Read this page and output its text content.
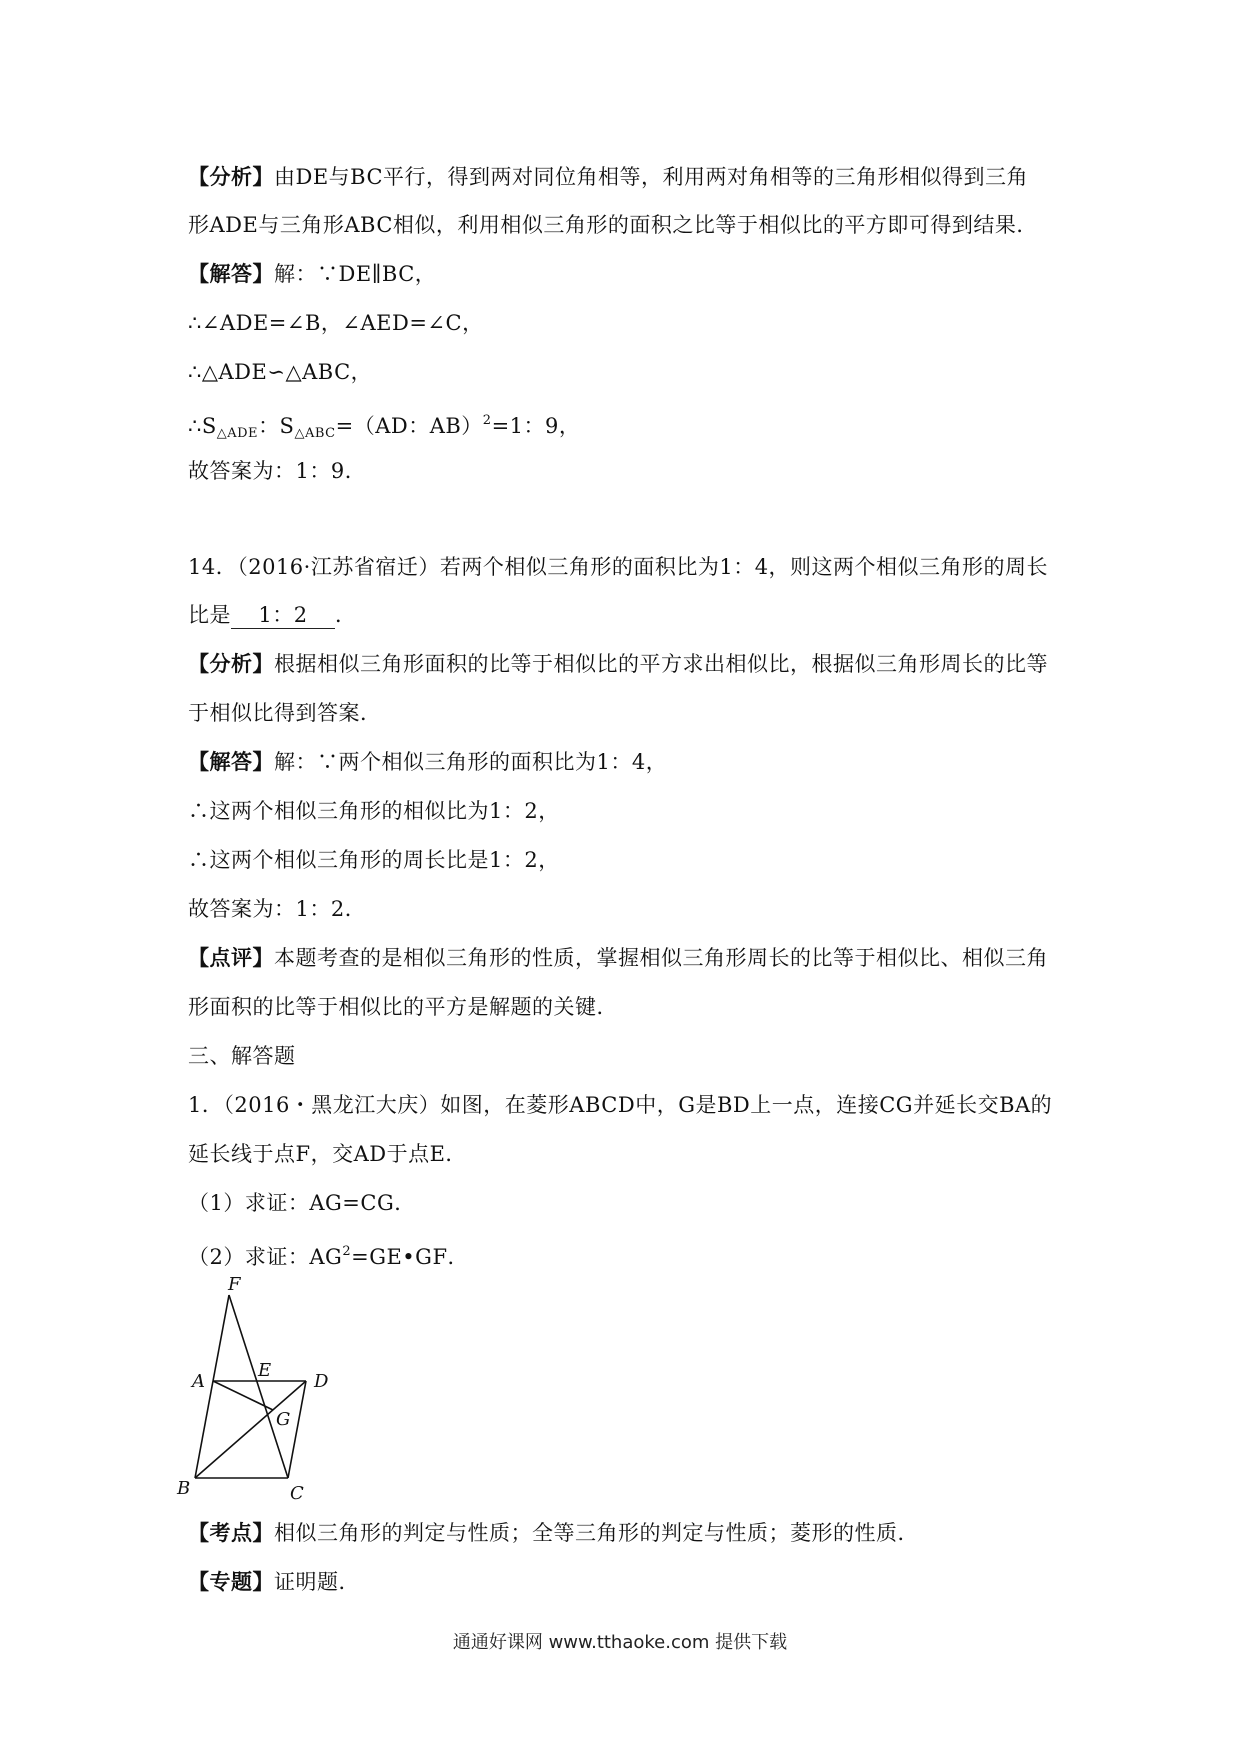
【分析】由DE与BC平行，得到两对同位角相等，利用两对角相等的三角形相似得到三角
形ADE与三角形ABC相似，利用相似三角形的面积之比等于相似比的平方即可得到结果．
【解答】解：∵DE∥BC，
∴∠ADE=∠B，∠AED=∠C，
∴△ADE∽△ABC，
$\therefore S_{\triangle ADE}$：$S_{\triangle ABC}=(AD$：AB）$^2$=1：9，
故答案为：1：9．
14．（2016·江苏省宿迁）若两个相似三角形的面积比为1：4，则这两个相似三角形的周长
比是 1：2 ．
【分析】根据相似三角形面积的比等于相似比的平方求出相似比，根据似三角形周长的比等
于相似比得到答案．
【解答】解：∵两个相似三角形的面积比为1：4，
∴这两个相似三角形的相似比为1：2，
∴这两个相似三角形的周长比是1：2，
故答案为：1：2．
【点评】本题考查的是相似三角形的性质，掌握相似三角形周长的比等于相似比、相似三角
形面积的比等于相似比的平方是解题的关键．
三、解答题
1．（2016・黑龙江大庆）如图，在菱形ABCD中，G是BD上一点，连接CG并延长交BA的
延长线于点F，交AD于点E．
（1）求证：AG=CG．
（2）求证：$AG^2=GE•GF$．
F
A
E
D
G
B	C
【考点】相似三角形的判定与性质；全等三角形的判定与性质；菱形的性质．
【专题】证明题．
通通好课网 www.tthaoke.com 提供下载
